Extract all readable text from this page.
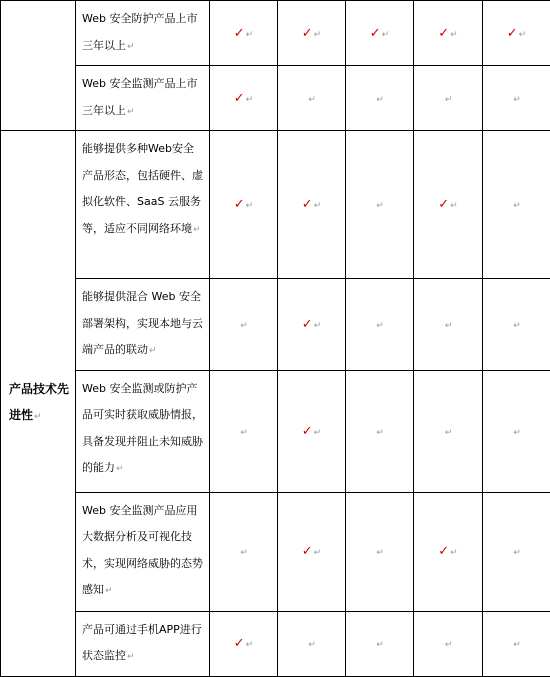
	Web 安全防护产品上市三年以上↵	✓↵	✓↵	✓↵	✓↵	✓↵
	Web 安全监测产品上市三年以上↵	✓↵	↵	↵	↵	↵
产品技术先进性↵	能够提供多种Web安全产品形态，包括硬件、虚拟化软件、SaaS 云服务等，适应不同网络环境↵	✓↵	✓↵	↵	✓↵	↵
	能够提供混合 Web 安全部署架构，实现本地与云端产品的联动↵	↵	✓↵	↵	↵	↵
	Web 安全监测或防护产品可实时获取威胁情报，具备发现并阻止未知威胁的能力↵	↵	✓↵	↵	↵	↵
	Web 安全监测产品应用大数据分析及可视化技术，实现网络威胁的态势感知↵	↵	✓↵	↵	✓↵	↵
	产品可通过手机APP进行状态监控↵	✓↵	↵	↵	↵	↵
